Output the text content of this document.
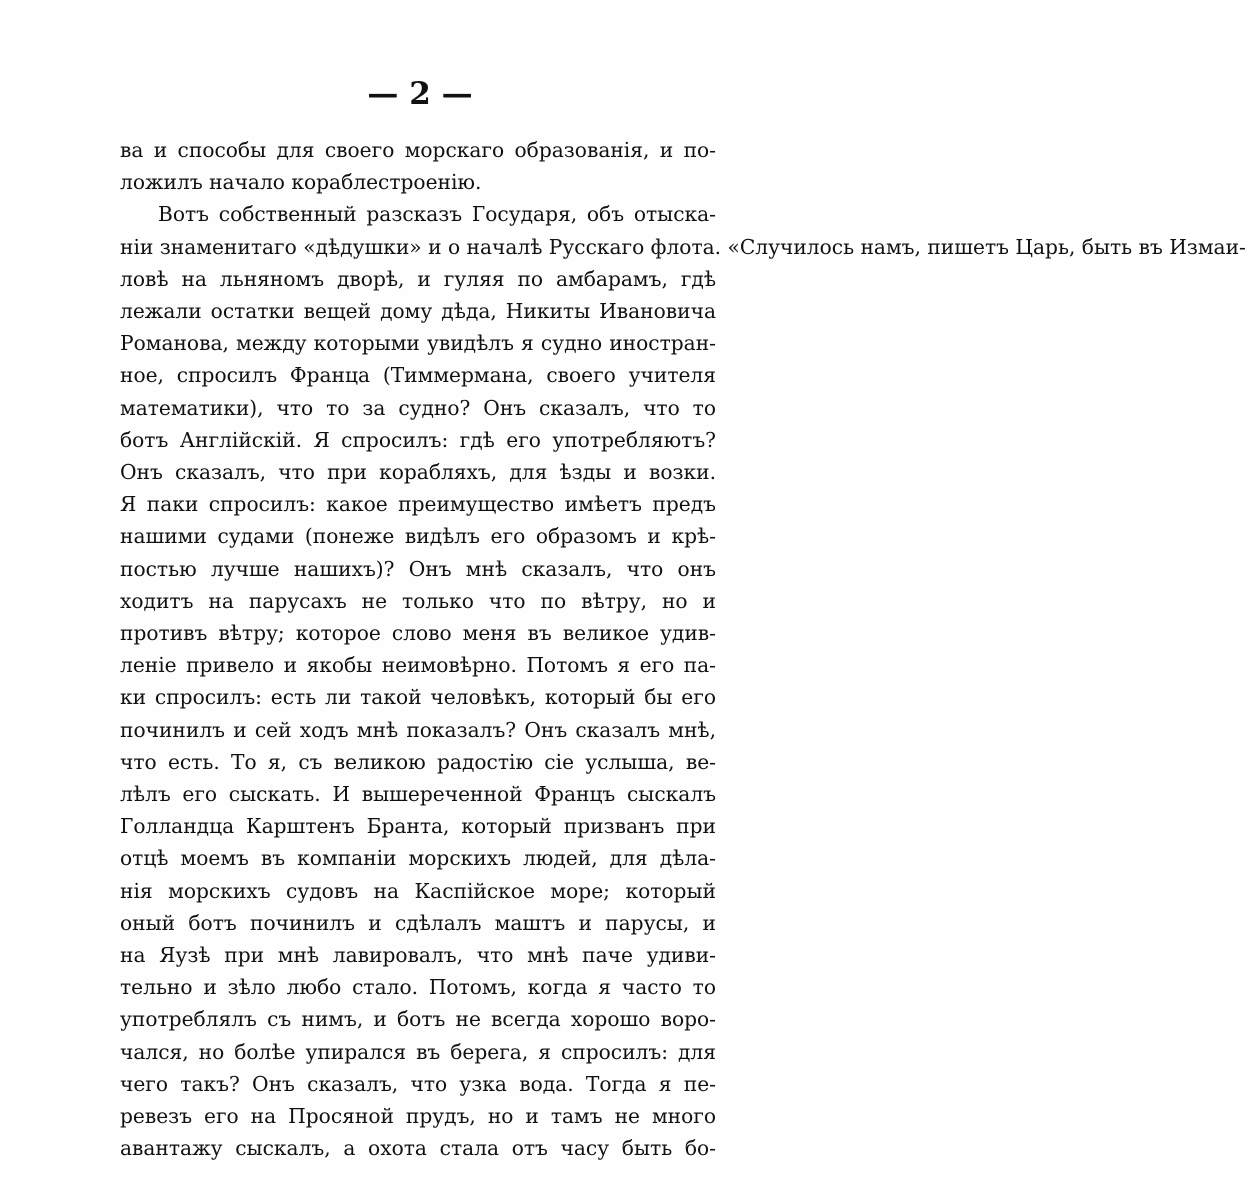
— 2 —
ва и способы для своего морскаго образованія, и по-
ложилъ начало кораблестроенію.
Вотъ собственный разсказъ Государя, объ отыска-
ніи знаменитаго «дѣдушки» и о началѣ Русскаго флота. «Случилось намъ, пишетъ Царь, быть въ Измаи-
ловѣ на льняномъ дворѣ, и гуляя по амбарамъ, гдѣ
лежали остатки вещей дому дѣда, Никиты Ивановича
Романова, между которыми увидѣлъ я судно иностран-
ное, спросилъ Франца (Тиммермана, своего учителя
математики), что то за судно? Онъ сказалъ, что то
ботъ Англійскій. Я спросилъ: гдѣ его употребляютъ?
Онъ сказалъ, что при корабляхъ, для ѣзды и возки.
Я паки спросилъ: какое преимущество имѣетъ предъ
нашими судами (понеже видѣлъ его образомъ и крѣ-
постью лучше нашихъ)? Онъ мнѣ сказалъ, что онъ
ходитъ на парусахъ не только что по вѣтру, но и
противъ вѣтру; которое слово меня въ великое удив-
леніе привело и якобы неимовѣрно. Потомъ я его па-
ки спросилъ: есть ли такой человѣкъ, который бы его
починилъ и сей ходъ мнѣ показалъ? Онъ сказалъ мнѣ,
что есть. То я, съ великою радостію сіе услыша, ве-
лѣлъ его сыскать. И вышереченной Францъ сыскалъ
Голландца Карштенъ Бранта, который призванъ при
отцѣ моемъ въ компаніи морскихъ людей, для дѣла-
нія морскихъ судовъ на Каспійское море; который
оный ботъ починилъ и сдѣлалъ маштъ и парусы, и
на Яузѣ при мнѣ лавировалъ, что мнѣ паче удиви-
тельно и зѣло любо стало. Потомъ, когда я часто то
употреблялъ съ нимъ, и ботъ не всегда хорошо воро-
чался, но болѣе упирался въ берега, я спросилъ: для
чего такъ? Онъ сказалъ, что узка вода. Тогда я пе-
ревезъ его на Просяной прудъ, но и тамъ не много
авантажу сыскалъ, а охота стала отъ часу быть бо-
